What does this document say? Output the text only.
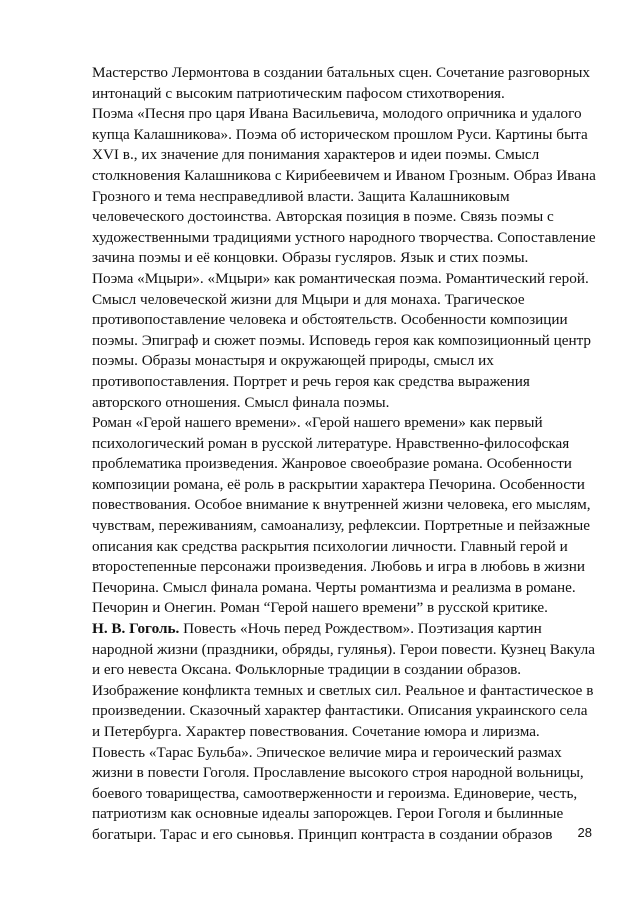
Мастерство Лермонтова в создании батальных сцен. Сочетание разговорных
интонаций с высоким патриотическим пафосом стихотворения.
Поэма «Песня про царя Ивана Васильевича, молодого опричника и удалого
купца Калашникова». Поэма об историческом прошлом Руси. Картины быта
XVI в., их значение для понимания характеров и идеи поэмы. Смысл
столкновения Калашникова с Кирибеевичем и Иваном Грозным. Образ Ивана
Грозного и тема несправедливой власти. Защита Калашниковым
человеческого достоинства. Авторская позиция в поэме. Связь поэмы с
художественными традициями устного народного творчества. Сопоставление
зачина поэмы и её концовки. Образы гусляров. Язык и стих поэмы.
Поэма «Мцыри». «Мцыри» как романтическая поэма. Романтический герой.
Смысл человеческой жизни для Мцыри и для монаха. Трагическое
противопоставление человека и обстоятельств. Особенности композиции
поэмы. Эпиграф и сюжет поэмы. Исповедь героя как композиционный центр
поэмы. Образы монастыря и окружающей природы, смысл их
противопоставления. Портрет и речь героя как средства выражения
авторского отношения. Смысл финала поэмы.
Роман «Герой нашего времени». «Герой нашего времени» как первый
психологический роман в русской литературе. Нравственно-философская
проблематика произведения. Жанровое своеобразие романа. Особенности
композиции романа, её роль в раскрытии характера Печорина. Особенности
повествования. Особое внимание к внутренней жизни человека, его мыслям,
чувствам, переживаниям, самоанализу, рефлексии. Портретные и пейзажные
описания как средства раскрытия психологии личности. Главный герой и
второстепенные персонажи произведения. Любовь и игра в любовь в жизни
Печорина. Смысл финала романа. Черты романтизма и реализма в романе.
Печорин и Онегин. Роман “Герой нашего времени” в русской критике.
Н. В. Гоголь. Повесть «Ночь перед Рождеством». Поэтизация картин
народной жизни (праздники, обряды, гулянья). Герои повести. Кузнец Вакула
и его невеста Оксана. Фольклорные традиции в создании образов.
Изображение конфликта темных и светлых сил. Реальное и фантастическое в
произведении. Сказочный характер фантастики. Описания украинского села
и Петербурга. Характер повествования. Сочетание юмора и лиризма.
Повесть «Тарас Бульба». Эпическое величие мира и героический размах
жизни в повести Гоголя. Прославление высокого строя народной вольницы,
боевого товарищества, самоотверженности и героизма. Единоверие, честь,
патриотизм как основные идеалы запорожцев. Герои Гоголя и былинные
богатыри. Тарас и его сыновья. Принцип контраста в создании образов	28
